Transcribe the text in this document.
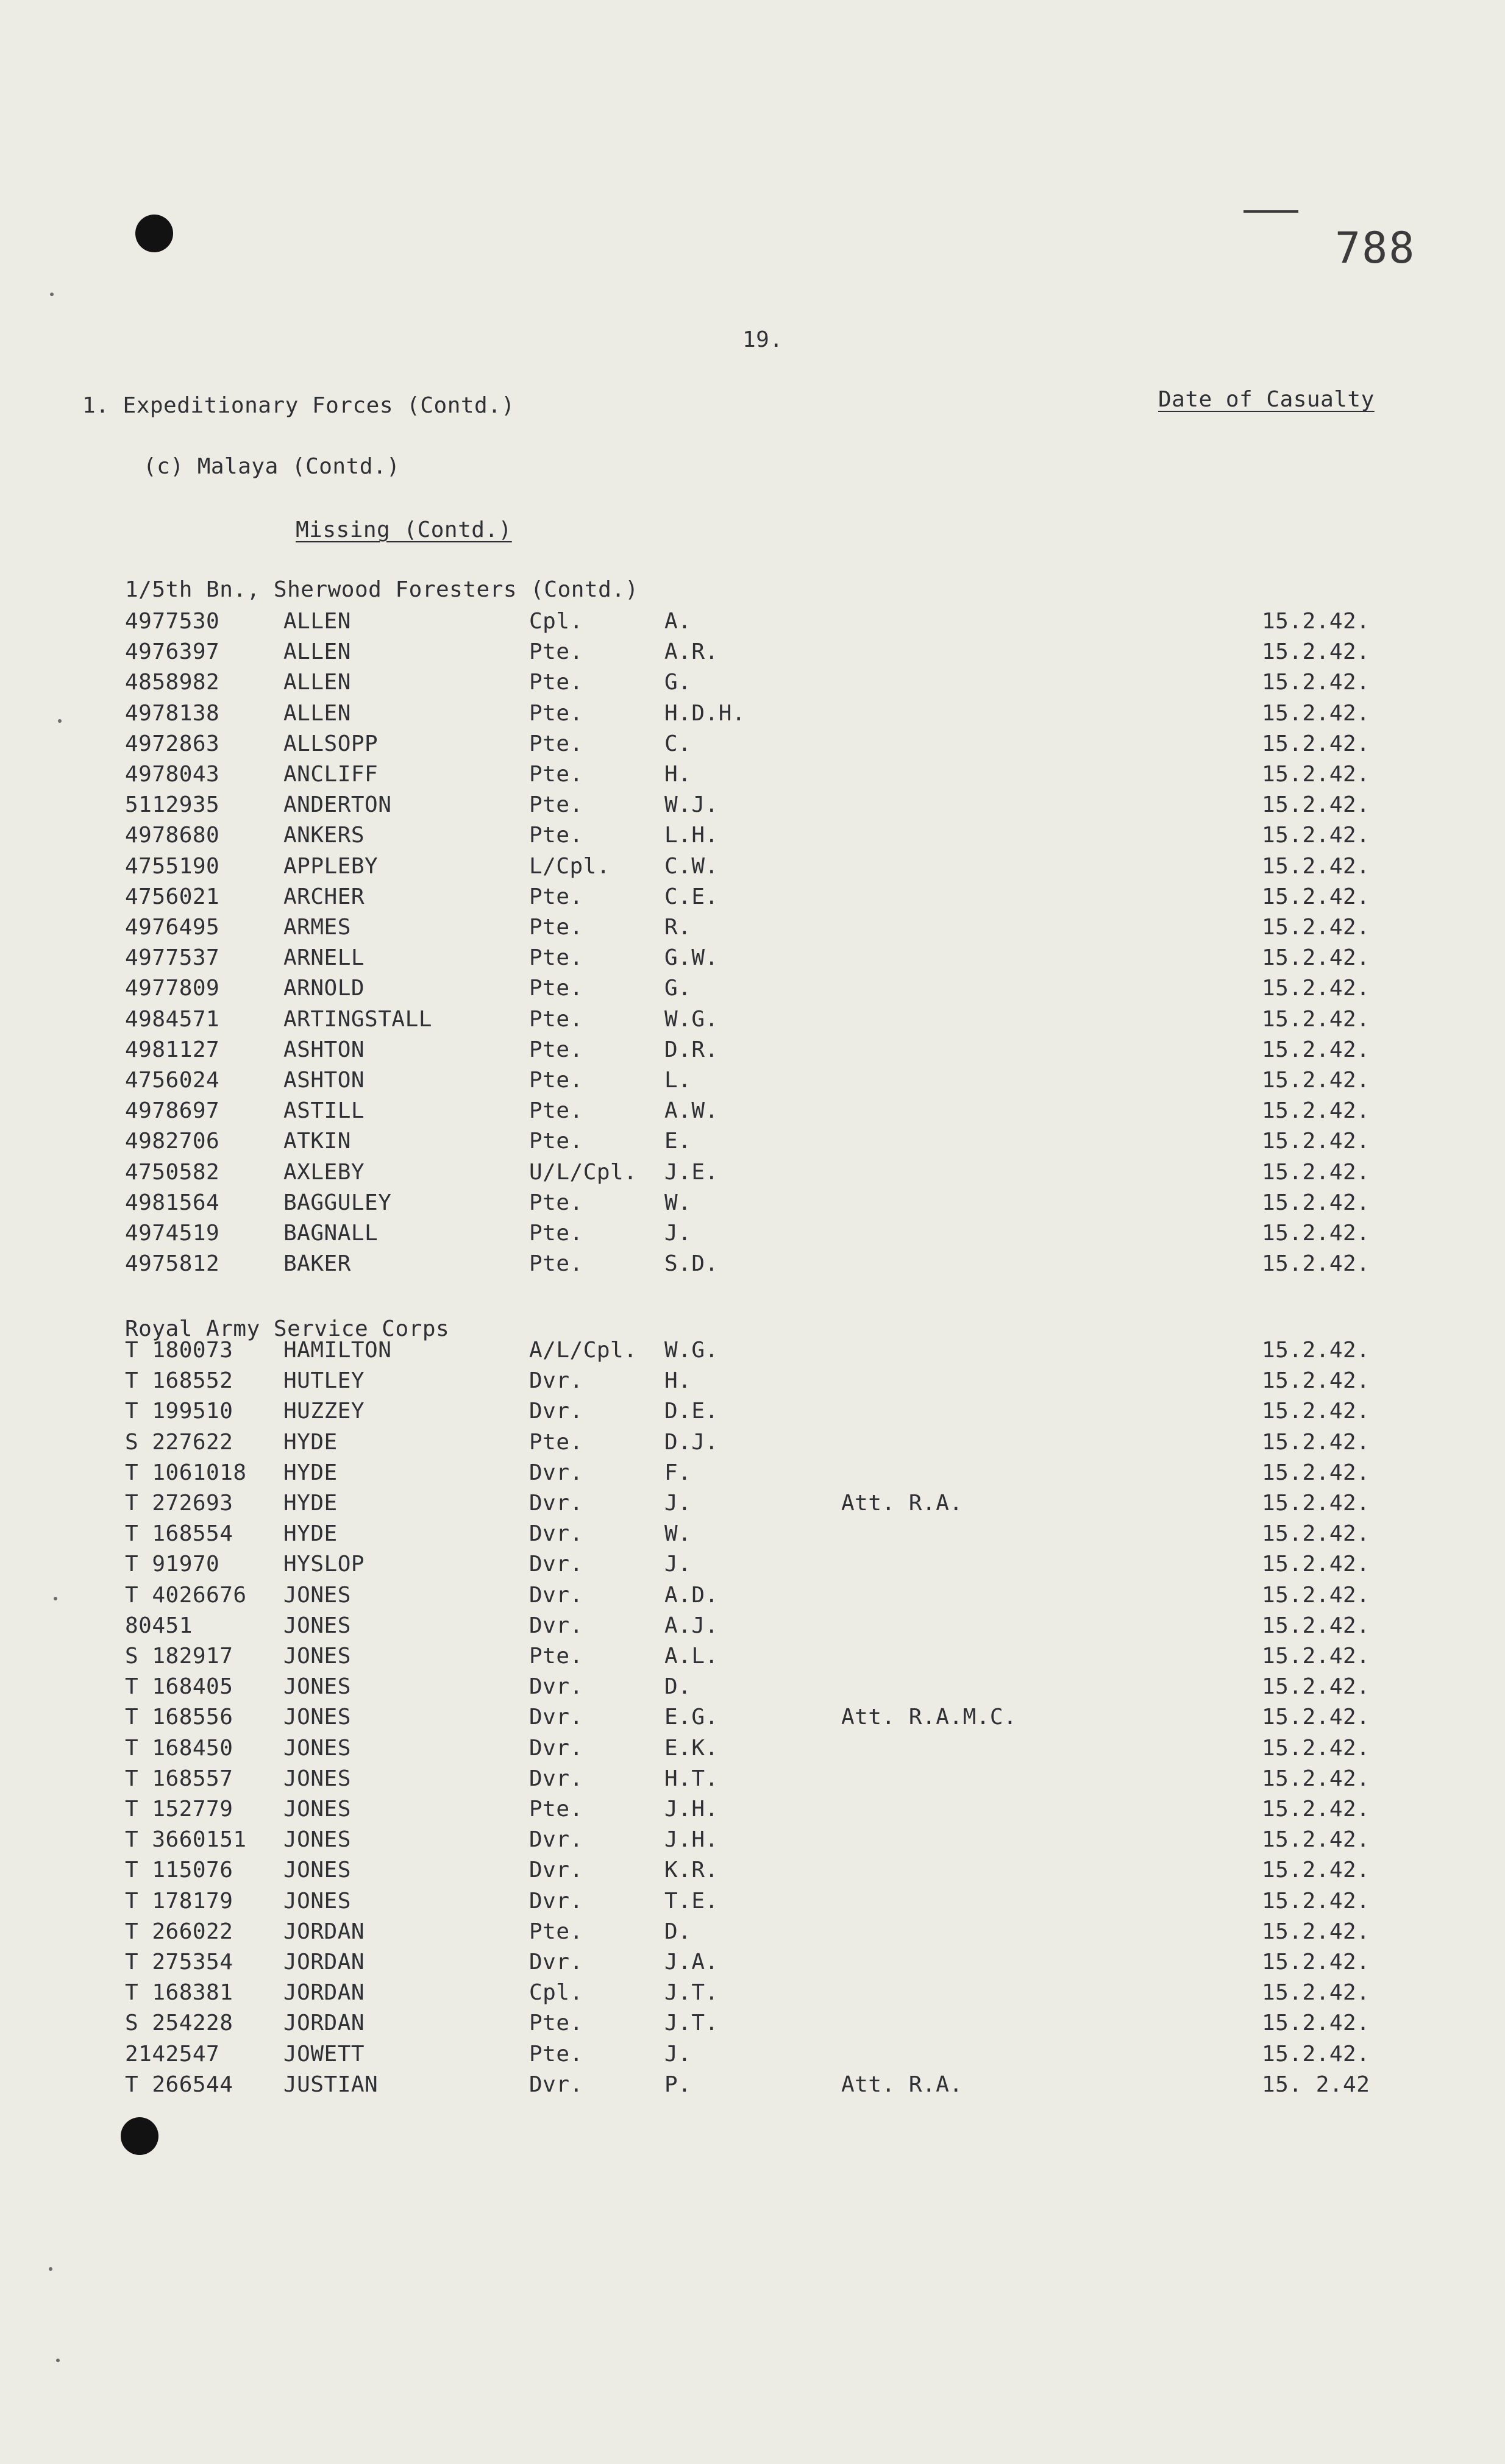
788
19.
1. Expeditionary Forces (Contd.)	Date of Casualty
(c) Malaya (Contd.)
Missing (Contd.)
1/5th Bn., Sherwood Foresters (Contd.)
4977530	ALLEN	Cpl.	A.	15.2.42.
4976397	ALLEN	Pte.	A.R.	15.2.42.
4858982	ALLEN	Pte.	G.	15.2.42.
4978138	ALLEN	Pte.	H.D.H.	15.2.42.
4972863	ALLSOPP	Pte.	C.	15.2.42.
4978043	ANCLIFF	Pte.	H.	15.2.42.
5112935	ANDERTON	Pte.	W.J.	15.2.42.
4978680	ANKERS	Pte.	L.H.	15.2.42.
4755190	APPLEBY	L/Cpl. C.W.	15.2.42.
4756021	ARCHER	Pte.	C.E.	15.2.42.
4976495	ARMES	Pte.	R.	15.2.42.
4977537	ARNELL	Pte.	G.W.	15.2.42.
4977809	ARNOLD	Pte.	G.	15.2.42.
4984571	ARTINGSTALL	Pte.	W.G.	15.2.42.
4981127	ASHTON	Pte.	D.R.	15.2.42.
4756024	ASHTON	Pte.	L.	15.2.42.
4978697	ASTILL	Pte.	A.W.	15.2.42.
4982706	ATKIN	Pte.	E.	15.2.42.
4750582	AXLEBY	U/L/Cpl. J.E.	15.2.42.
4981564	BAGGULEY	Pte.	W.	15.2.42.
4974519	BAGNALL	Pte.	J.	15.2.42.
4975812	BAKER	Pte.	S.D.	15.2.42.
Royal Army Service Corps
T 180073 HAMILTON	A/L/Cpl. W.G.	15.2.42.
T 168552 HUTLEY	Dvr.	H.	15.2.42.
T 199510 HUZZEY	Dvr.	D.E.	15.2.42.
S 227622 HYDE	Pte.	D.J.	15.2.42.
T 1061018 HYDE	Dvr.	F.	15.2.42.
T 272693 HYDE	Dvr.	J.	Att. R.A.	15.2.42.
T 168554 HYDE	Dvr.	W.	15.2.42.
T 91970	HYSLOP	Dvr.	J.	15.2.42.
T 4026676 JONES	Dvr.	A.D.	15.2.42.
80451	JONES	Dvr.	A.J.	15.2.42.
S 182917 JONES	Pte.	A.L.	15.2.42.
T 168405 JONES	Dvr.	D.	15.2.42.
T 168556 JONES	Dvr.	E.G.	Att. R.A.M.C.	15.2.42.
T 168450 JONES	Dvr.	E.K.	15.2.42.
T 168557 JONES	Dvr.	H.T.	15.2.42.
T 152779 JONES	Pte.	J.H.	15.2.42.
T 3660151 JONES	Dvr.	J.H.	15.2.42.
T 115076 JONES	Dvr.	K.R.	15.2.42.
T 178179 JONES	Dvr.	T.E.	15.2.42.
T 266022 JORDAN	Pte.	D.	15.2.42.
T 275354 JORDAN	Dvr.	J.A.	15.2.42.
T 168381 JORDAN	Cpl.	J.T.	15.2.42.
S 254228 JORDAN	Pte.	J.T.	15.2.42.
2142547	JOWETT	Pte.	J.	15.2.42.
T 266544 JUSTIAN	Dvr.	P.	Att. R.A.	15. 2.42
